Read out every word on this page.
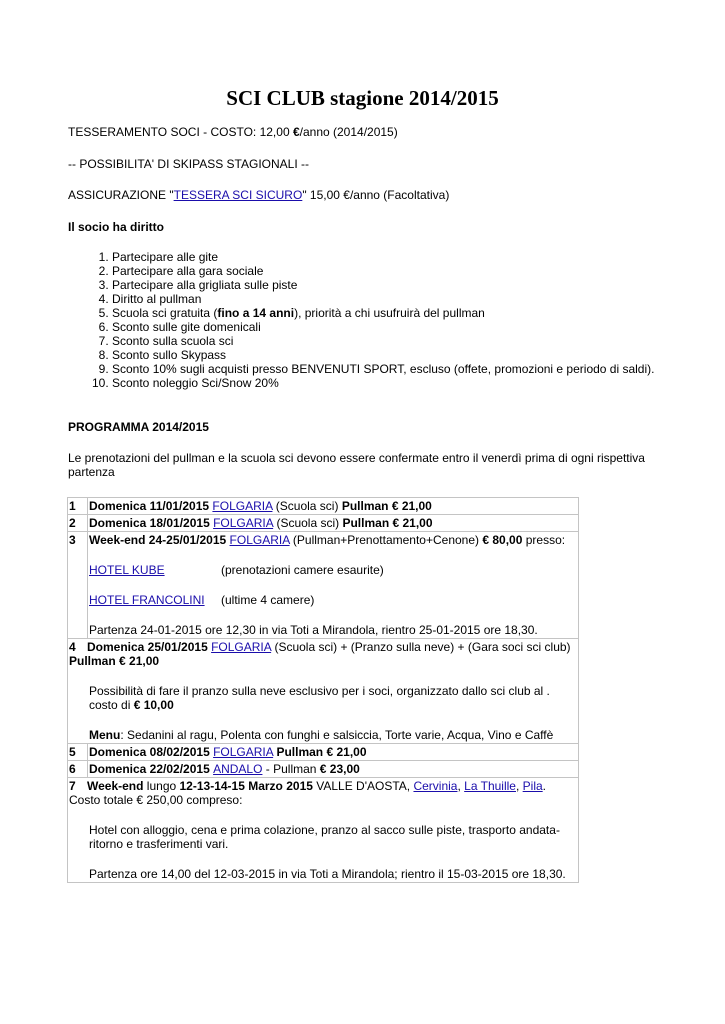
SCI CLUB stagione 2014/2015
TESSERAMENTO SOCI - COSTO: 12,00 €/anno (2014/2015)
-- POSSIBILITA' DI SKIPASS STAGIONALI --
ASSICURAZIONE "TESSERA SCI SICURO" 15,00 €/anno (Facoltativa)
Il socio ha diritto
1. Partecipare alle gite
2. Partecipare alla gara sociale
3. Partecipare alla grigliata sulle piste
4. Diritto al pullman
5. Scuola sci gratuita (fino a 14 anni), priorità a chi usufruirà del pullman
6. Sconto sulle gite domenicali
7. Sconto sulla scuola sci
8. Sconto sullo Skypass
9. Sconto 10% sugli acquisti presso BENVENUTI SPORT, escluso (offete, promozioni e periodo di saldi).
10. Sconto noleggio Sci/Snow 20%
PROGRAMMA 2014/2015
Le prenotazioni del pullman e la scuola sci devono essere confermate entro il venerdì prima di ogni rispettiva partenza
1	Domenica 11/01/2015 FOLGARIA (Scuola sci) Pullman € 21,00
2	Domenica 18/01/2015 FOLGARIA (Scuola sci) Pullman € 21,00
3	Week-end 24-25/01/2015 FOLGARIA (Pullman+Prenottamento+Cenone) € 80,00 presso:
HOTEL KUBE (prenotazioni camere esaurite)
HOTEL FRANCOLINI (ultime 4 camere)
Partenza 24-01-2015 ore 12,30 in via Toti a Mirandola, rientro 25-01-2015 ore 18,30.

4 Domenica 25/01/2015 FOLGARIA (Scuola sci) + (Pranzo sulla neve) + (Gara soci sci club) Pullman € 21,00
Possibilità di fare il pranzo sulla neve esclusivo per i soci, organizzato dallo sci club al . costo di € 10,00
Menu: Sedanini al ragu, Polenta con funghi e salsiccia, Torte varie, Acqua, Vino e Caffè	

5	Domenica 08/02/2015 FOLGARIA Pullman € 21,00
6	Domenica 22/02/2015 ANDALO - Pullman € 23,00

7 Week-end lungo 12-13-14-15 Marzo 2015 VALLE D'AOSTA, Cervinia, La Thuille, Pila.
Costo totale € 250,00 compreso:
Hotel con alloggio, cena e prima colazione, pranzo al sacco sulle piste, trasporto andata-ritorno e trasferimenti vari.
Partenza ore 14,00 del 12-03-2015 in via Toti a Mirandola; rientro il 15-03-2015 ore 18,30.	
